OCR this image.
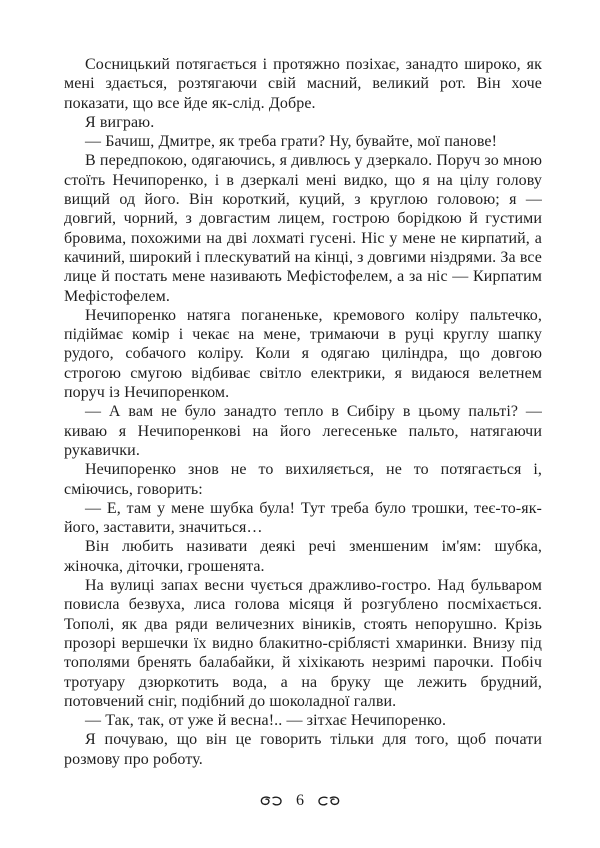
Сосницький потягається і протяжно позіхає, занадто широко, як мені здається, розтягаючи свій масний, великий рот. Він хоче показати, що все йде як-слід. Добре.

Я виграю.

— Бачиш, Дмитре, як треба грати? Ну, бувайте, мої панове!

В передпокою, одягаючись, я дивлюсь у дзеркало. Поруч зо мною стоїть Нечипоренко, і в дзеркалі мені видко, що я на цілу голову вищий од його. Він короткий, куций, з круглою головою; я — довгий, чорний, з довгастим лицем, гострою борідкою й густими бровима, похожими на дві лохматі гусені. Ніс у мене не кирпатий, а качиний, широкий і плескуватий на кінці, з довгими ніздрями. За все лице й постать мене називають Мефістофелем, а за ніс — Кирпатим Мефістофелем.

Нечипоренко натяга поганеньке, кремового коліру пальтечко, підіймає комір і чекає на мене, тримаючи в руці круглу шапку рудого, собачого коліру. Коли я одягаю циліндра, що довгою строгою смугою відбиває світло електрики, я видаюся велетнем поруч із Нечипоренком.

— А вам не було занадто тепло в Сибіру в цьому пальті? — киваю я Нечипоренкові на його легесеньке пальто, натягаючи рукавички.

Нечипоренко знов не то вихиляється, не то потягається і, сміючись, говорить:

— Е, там у мене шубка була! Тут треба було трошки, теє-то-як-його, заставити, значиться…

Він любить називати деякі речі зменшеним ім'ям: шубка, жіночка, діточки, грошенята.

На вулиці запах весни чується дражливо-гостро. Над бульваром повисла безвуха, лиса голова місяця й розгублено посміхається. Тополі, як два ряди величезних віників, стоять непорушно. Крізь прозорі вершечки їх видно блакитно-сріблясті хмаринки. Внизу під тополями бренять балабайки, й хіхікають незримі парочки. Побіч тротуару дзюркотить вода, а на бруку ще лежить брудний, потовчений сніг, подібний до шоколадної галви.

— Так, так, от уже й весна!.. — зітхає Нечипоренко.

Я почуваю, що він це говорить тільки для того, щоб почати розмову про роботу.

6
